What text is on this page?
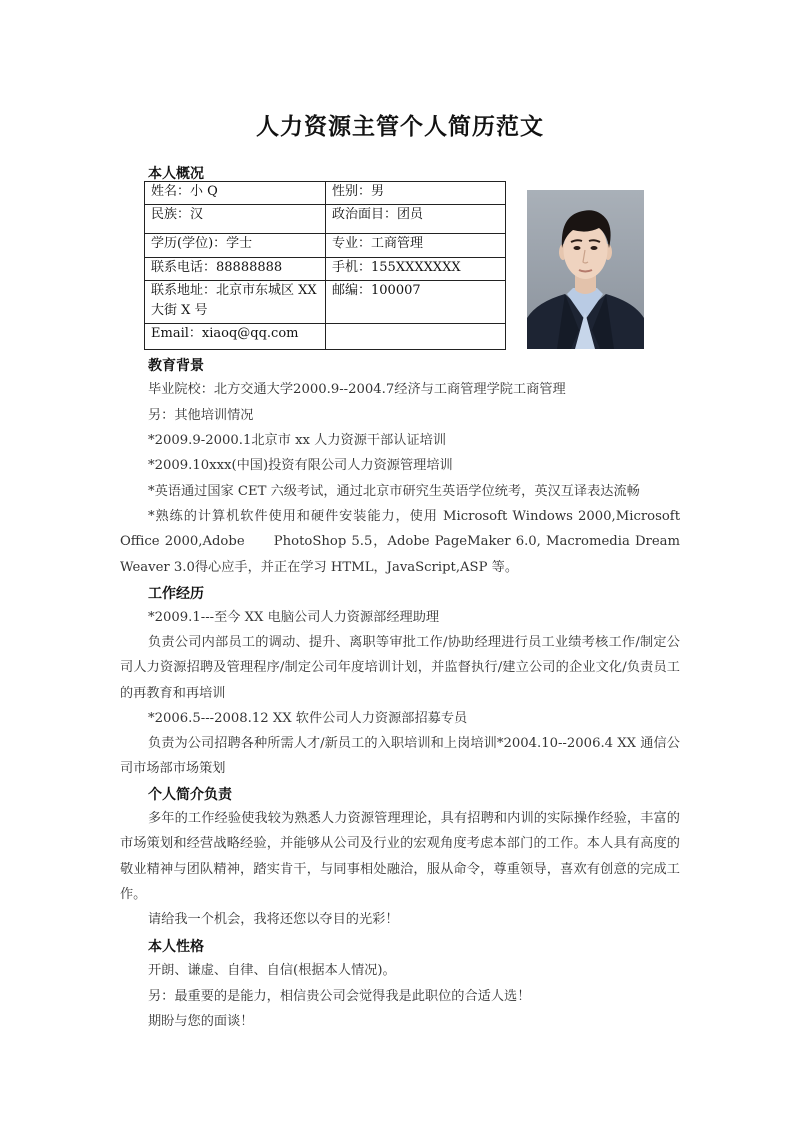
人力资源主管个人简历范文
本人概况
姓名：小 Q	性别：男
民族：汉	政治面目：团员
学历(学位)：学士	专业：工商管理
联系电话：88888888	手机：155XXXXXXX
联系地址：北京市东城区 XX 大街 X 号	邮编：100007
Email：xiaoq@qq.com	
教育背景

毕业院校：北方交通大学2000.9--2004.7经济与工商管理学院工商管理

另：其他培训情况

*2009.9-2000.1北京市 xx 人力资源干部认证培训

*2009.10xxx(中国)投资有限公司人力资源管理培训

*英语通过国家 CET 六级考试，通过北京市研究生英语学位统考，英汉互译表达流畅

*熟练的计算机软件使用和硬件安装能力，使用 Microsoft Windows 2000,Microsoft Office 2000,Adobe　　PhotoShop 5.5，Adobe PageMaker 6.0, Macromedia Dream Weaver 3.0得心应手，并正在学习 HTML，JavaScript,ASP 等。

工作经历

*2009.1---至今 XX 电脑公司人力资源部经理助理

负责公司内部员工的调动、提升、离职等审批工作/协助经理进行员工业绩考核工作/制定公司人力资源招聘及管理程序/制定公司年度培训计划，并监督执行/建立公司的企业文化/负责员工的再教育和再培训

*2006.5---2008.12 XX 软件公司人力资源部招募专员

负责为公司招聘各种所需人才/新员工的入职培训和上岗培训*2004.10--2006.4 XX 通信公司市场部市场策划

个人简介负责

多年的工作经验使我较为熟悉人力资源管理理论，具有招聘和内训的实际操作经验，丰富的市场策划和经营战略经验，并能够从公司及行业的宏观角度考虑本部门的工作。本人具有高度的敬业精神与团队精神，踏实肯干，与同事相处融洽，服从命令，尊重领导，喜欢有创意的完成工作。

请给我一个机会，我将还您以夺目的光彩！

本人性格

开朗、谦虚、自律、自信(根据本人情况)。

另：最重要的是能力，相信贵公司会觉得我是此职位的合适人选！

期盼与您的面谈！
